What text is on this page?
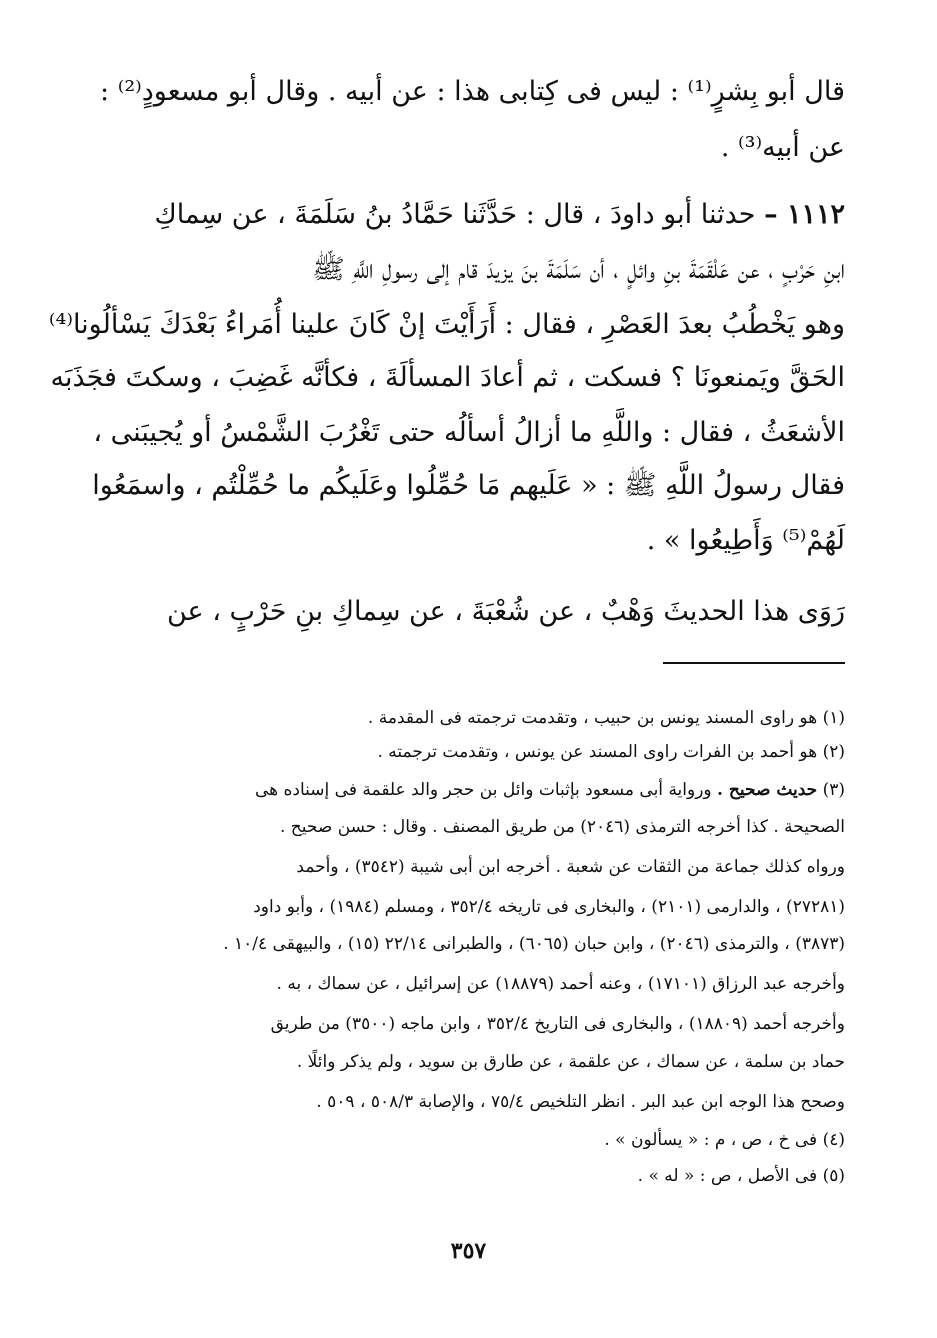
قال أبو بِشرٍ⁽¹⁾ : ليس فى كِتابى هذا : عن أبيه . وقال أبو مسعودٍ⁽²⁾ :
عن أبيه⁽³⁾ .
١١١٢ – حدثنا أبو داودَ ، قال : حَدَّثَنا حَمَّادُ بنُ سَلَمَةَ ، عن سِماكِ
ابنِ حَرْبٍ ، عن عَلْقَمَةَ بنِ وائلٍ ، أن سَلَمَةَ بنَ يزيدَ قام إلى رسولِ اللَّهِ ﷺ
وهو يَخْطُبُ بعدَ العَصْرِ ، فقال : أَرَأَيْتَ إنْ كَانَ علينا أُمَراءُ بَعْدَكَ يَسْألُونا⁽⁴⁾
الحَقَّ ويَمنعونَا ؟ فسكت ، ثم أعادَ المسألَةَ ، فكأنَّه غَضِبَ ، وسكتَ فجَذَبَه
الأشعَثُ ، فقال : واللَّهِ ما أزالُ أسألُه حتى تَغْرُبَ الشَّمْسُ أو يُجيبَنى ،
فقال رسولُ اللَّهِ ﷺ : « عَلَيهم مَا حُمِّلُوا وعَلَيكُم ما حُمِّلْتُم ، واسمَعُوا
لَهُمْ⁽⁵⁾ وَأَطِيعُوا » .
رَوَى هذا الحديثَ وَهْبٌ ، عن شُعْبَةَ ، عن سِماكِ بنِ حَرْبٍ ، عن
(١) هو راوى المسند يونس بن حبيب ، وتقدمت ترجمته فى المقدمة .
(٢) هو أحمد بن الفرات راوى المسند عن يونس ، وتقدمت ترجمته .
(٣) حديث صحيح . ورواية أبى مسعود بإثبات وائل بن حجر والد علقمة فى إسناده هى
الصحيحة . كذا أخرجه الترمذى (٢٠٤٦) من طريق المصنف . وقال : حسن صحيح .
ورواه كذلك جماعة من الثقات عن شعبة . أخرجه ابن أبى شيبة (٣٥٤٢) ، وأحمد
(٢٧٢٨١) ، والدارمى (٢١٠١) ، والبخارى فى تاريخه ٣٥٢/٤ ، ومسلم (١٩٨٤) ، وأبو داود
(٣٨٧٣) ، والترمذى (٢٠٤٦) ، وابن حبان (٦٠٦٥) ، والطبرانى ٢٢/١٤ (١٥) ، والبيهقى ١٠/٤ .
وأخرجه عبد الرزاق (١٧١٠١) ، وعنه أحمد (١٨٨٧٩) عن إسرائيل ، عن سماك ، به .
وأخرجه أحمد (١٨٨٠٩) ، والبخارى فى التاريخ ٣٥٢/٤ ، وابن ماجه (٣٥٠٠) من طريق
حماد بن سلمة ، عن سماك ، عن علقمة ، عن طارق بن سويد ، ولم يذكر وائلًا .
وصحح هذا الوجه ابن عبد البر . انظر التلخيص ٧٥/٤ ، والإصابة ٥٠٨/٣ ، ٥٠٩ .
(٤) فى خ ، ص ، م : « يسألون » .
(٥) فى الأصل ، ص : « له » .
٣٥٧
